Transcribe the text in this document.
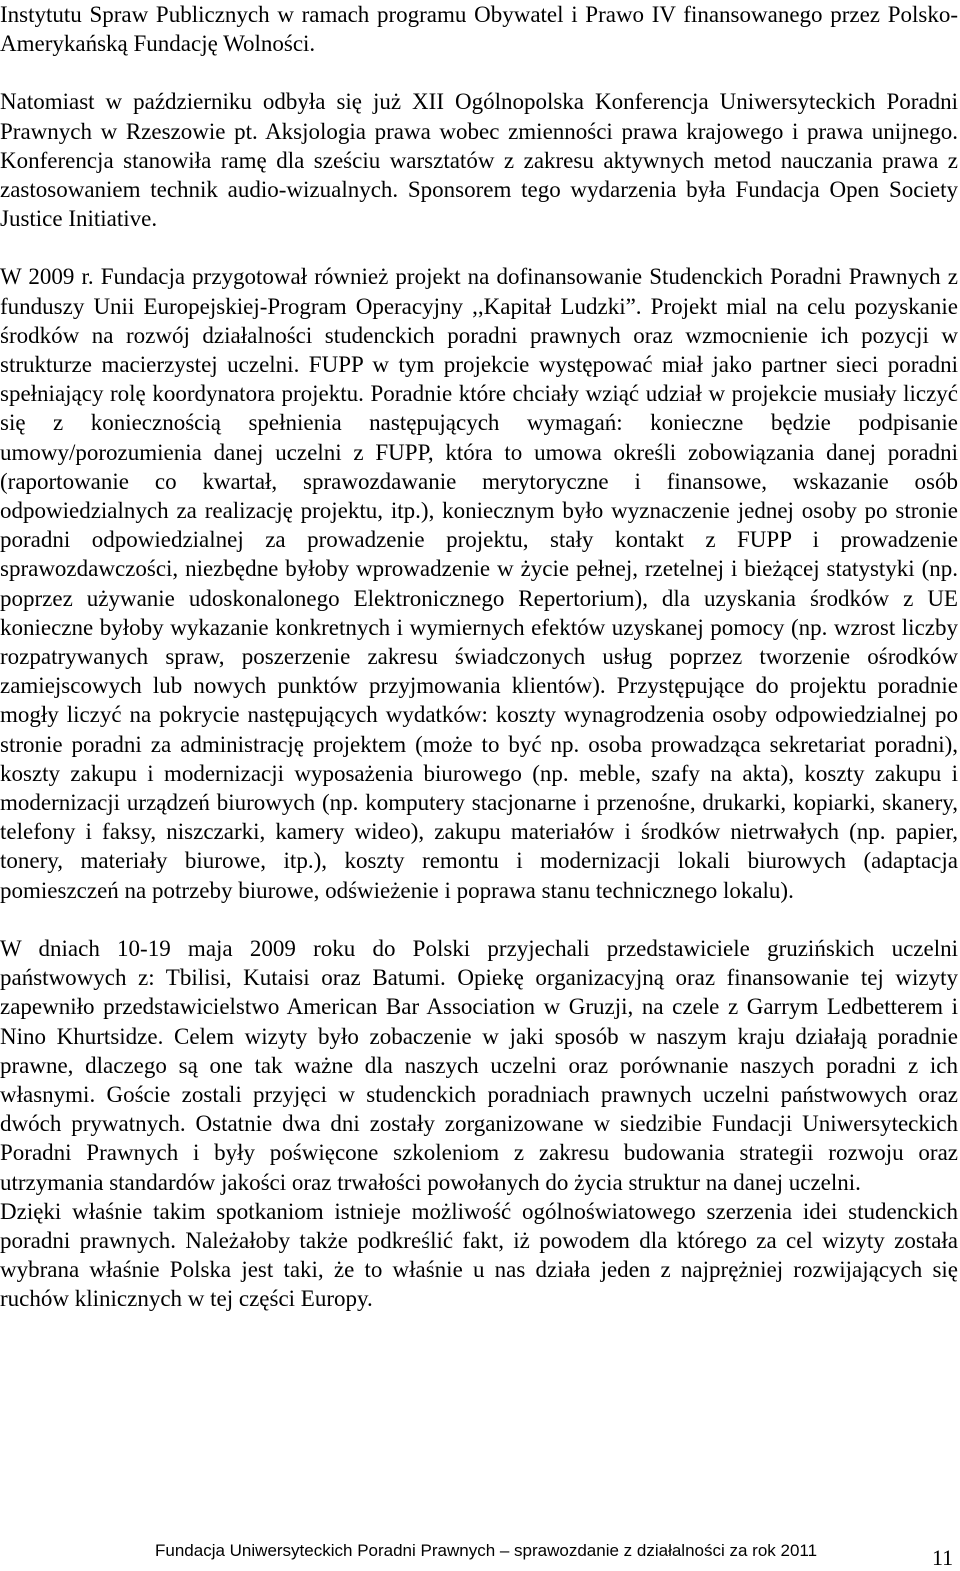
Instytutu Spraw Publicznych w ramach programu Obywatel i Prawo IV finansowanego przez Polsko-Amerykańską Fundację Wolności.

Natomiast w październiku odbyła się już XII Ogólnopolska Konferencja Uniwersyteckich Poradni Prawnych w Rzeszowie pt. Aksjologia prawa wobec zmienności prawa krajowego i prawa unijnego. Konferencja stanowiła ramę dla sześciu warsztatów z zakresu aktywnych metod nauczania prawa z zastosowaniem technik audio-wizualnych. Sponsorem tego wydarzenia była Fundacja Open Society Justice Initiative.

W 2009 r. Fundacja przygotował również projekt na dofinansowanie Studenckich Poradni Prawnych z funduszy Unii Europejskiej-Program Operacyjny ,,Kapitał Ludzki”. Projekt mial na celu pozyskanie środków na rozwój działalności studenckich poradni prawnych oraz wzmocnienie ich pozycji w strukturze macierzystej uczelni. FUPP w tym projekcie występować miał jako partner sieci poradni spełniający rolę koordynatora projektu. Poradnie które chciały wziąć udział w projekcie musiały liczyć się z koniecznością spełnienia następujących wymagań: konieczne będzie podpisanie umowy/porozumienia danej uczelni z FUPP, która to umowa określi zobowiązania danej poradni (raportowanie co kwartał, sprawozdawanie merytoryczne i finansowe, wskazanie osób odpowiedzialnych za realizację projektu, itp.), koniecznym było wyznaczenie jednej osoby po stronie poradni odpowiedzialnej za prowadzenie projektu, stały kontakt z FUPP i prowadzenie sprawozdawczości, niezbędne byłoby wprowadzenie w życie pełnej, rzetelnej i bieżącej statystyki (np. poprzez używanie udoskonalonego Elektronicznego Repertorium), dla uzyskania środków z UE konieczne byłoby wykazanie konkretnych i wymiernych efektów uzyskanej pomocy (np. wzrost liczby rozpatrywanych spraw, poszerzenie zakresu świadczonych usług poprzez tworzenie ośrodków zamiejscowych lub nowych punktów przyjmowania klientów). Przystępujące do projektu poradnie mogły liczyć na pokrycie następujących wydatków: koszty wynagrodzenia osoby odpowiedzialnej po stronie poradni za administrację projektem (może to być np. osoba prowadząca sekretariat poradni), koszty zakupu i modernizacji wyposażenia biurowego (np. meble, szafy na akta), koszty zakupu i modernizacji urządzeń biurowych (np. komputery stacjonarne i przenośne, drukarki, kopiarki, skanery, telefony i faksy, niszczarki, kamery wideo), zakupu materiałów i środków nietrwałych (np. papier, tonery, materiały biurowe, itp.), koszty remontu i modernizacji lokali biurowych (adaptacja pomieszczeń na potrzeby biurowe, odświeżenie i poprawa stanu technicznego lokalu).

W dniach 10-19 maja 2009 roku do Polski przyjechali przedstawiciele gruzińskich uczelni państwowych z: Tbilisi, Kutaisi oraz Batumi. Opiekę organizacyjną oraz finansowanie tej wizyty zapewniło przedstawicielstwo American Bar Association w Gruzji, na czele z Garrym Ledbetterem i Nino Khurtsidze. Celem wizyty było zobaczenie w jaki sposób w naszym kraju działają poradnie prawne, dlaczego są one tak ważne dla naszych uczelni oraz porównanie naszych poradni z ich własnymi. Goście zostali przyjęci w studenckich poradniach prawnych uczelni państwowych oraz dwóch prywatnych. Ostatnie dwa dni zostały zorganizowane w siedzibie Fundacji Uniwersyteckich Poradni Prawnych i były poświęcone szkoleniom z zakresu budowania strategii rozwoju oraz utrzymania standardów jakości oraz trwałości powołanych do życia struktur na danej uczelni.

Dzięki właśnie takim spotkaniom istnieje możliwość ogólnoświatowego szerzenia idei studenckich poradni prawnych. Należałoby także podkreślić fakt, iż powodem dla którego za cel wizyty została wybrana właśnie Polska jest taki, że to właśnie u nas działa jeden z najprężniej rozwijających się ruchów klinicznych w tej części Europy.

Fundacja Uniwersyteckich Poradni Prawnych – sprawozdanie z działalności za rok 2011	11
